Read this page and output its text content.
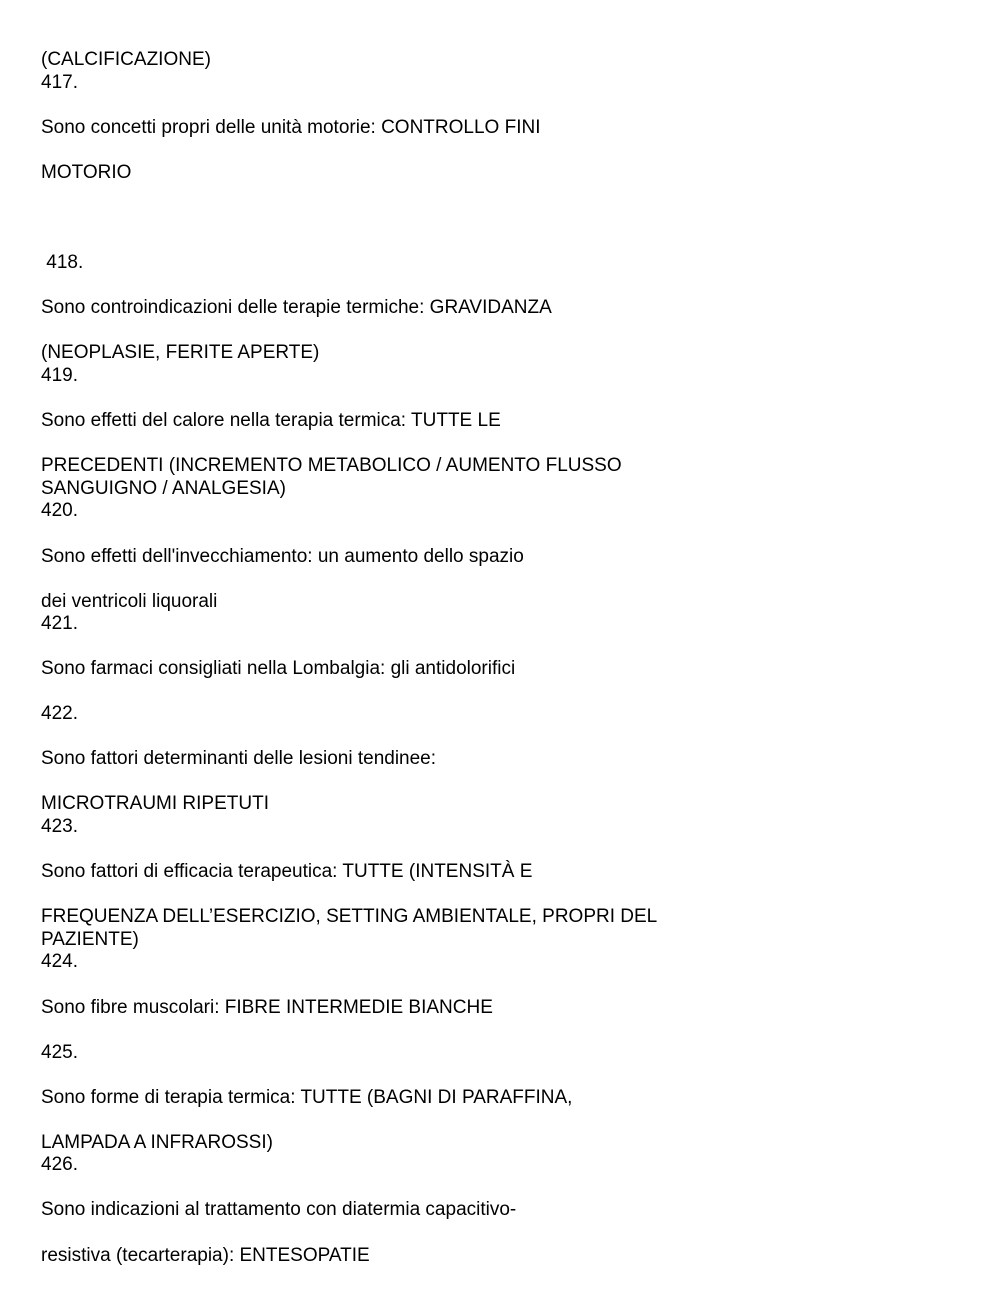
(CALCIFICAZIONE)

417.

Sono concetti propri delle unità motorie: CONTROLLO FINI

MOTORIO

418.

Sono controindicazioni delle terapie termiche: GRAVIDANZA

(NEOPLASIE, FERITE APERTE)

419.

Sono effetti del calore nella terapia termica: TUTTE LE

PRECEDENTI (INCREMENTO METABOLICO / AUMENTO FLUSSO

SANGUIGNO / ANALGESIA)

420.

Sono effetti dell'invecchiamento: un aumento dello spazio

dei ventricoli liquorali

421.

Sono farmaci consigliati nella Lombalgia: gli antidolorifici

422.

Sono fattori determinanti delle lesioni tendinee:

MICROTRAUMI RIPETUTI

423.

Sono fattori di efficacia terapeutica: TUTTE (INTENSITÀ E

FREQUENZA DELL’ESERCIZIO, SETTING AMBIENTALE, PROPRI DEL

PAZIENTE)

424.

Sono fibre muscolari: FIBRE INTERMEDIE BIANCHE

425.

Sono forme di terapia termica: TUTTE (BAGNI DI PARAFFINA,

LAMPADA A INFRAROSSI)

426.

Sono indicazioni al trattamento con diatermia capacitivo-

resistiva (tecarterapia): ENTESOPATIE
